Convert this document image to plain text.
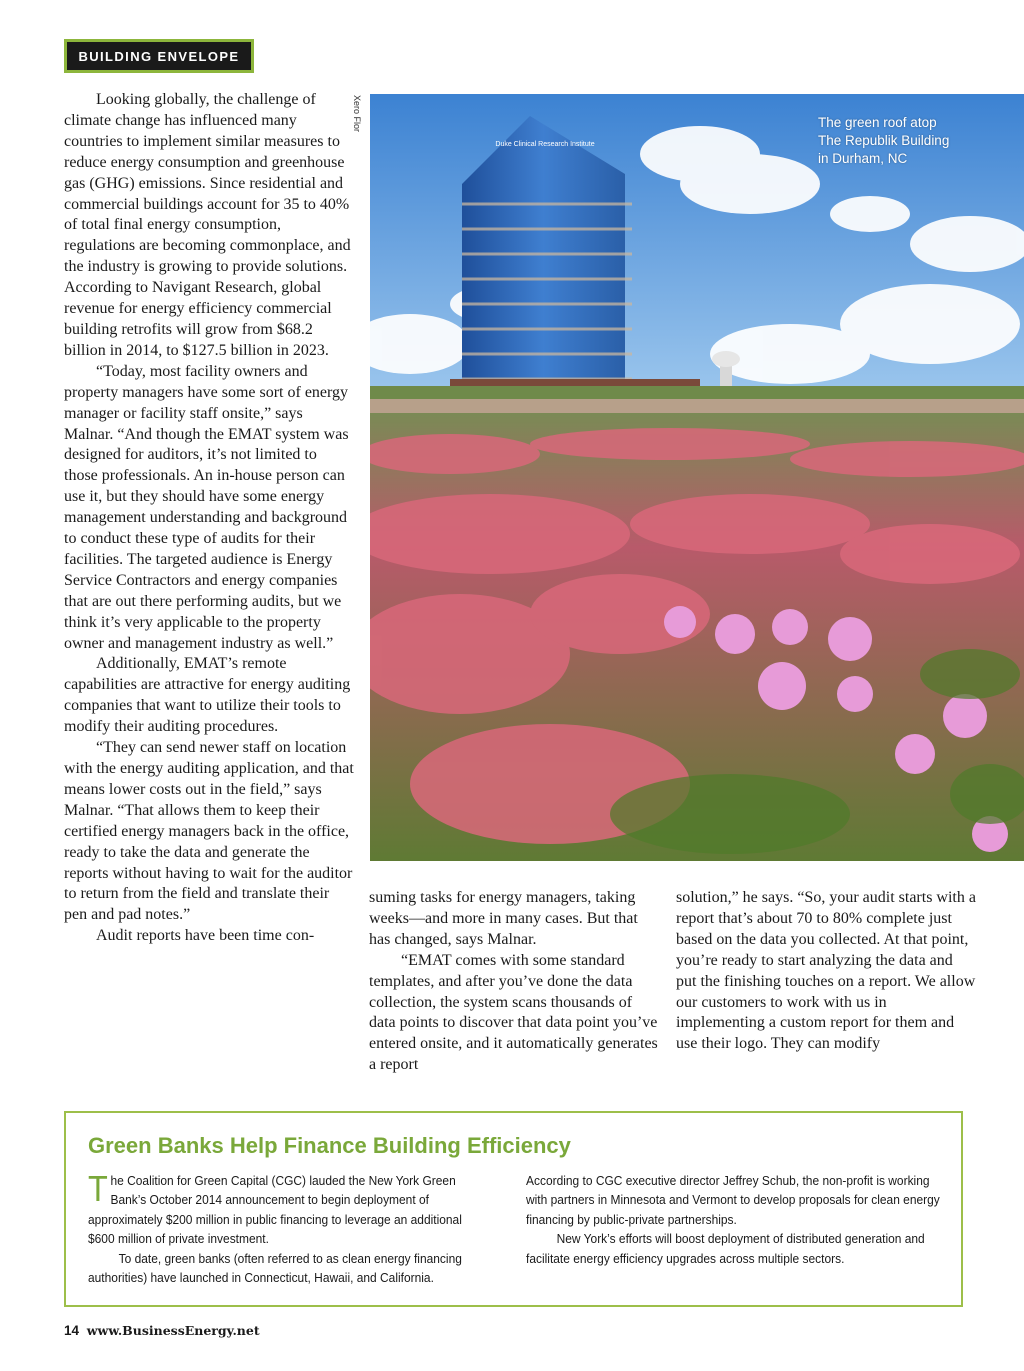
BUILDING ENVELOPE

Looking globally, the challenge of climate change has influenced many countries to implement similar measures to reduce energy consumption and greenhouse gas (GHG) emissions. Since residential and commercial buildings account for 35 to 40% of total final energy consumption, regulations are becoming commonplace, and the industry is growing to provide solutions. According to Navigant Research, global revenue for energy efficiency commercial building retrofits will grow from $68.2 billion in 2014, to $127.5 billion in 2023.

“Today, most facility owners and property managers have some sort of energy manager or facility staff onsite,” says Malnar. “And though the EMAT system was designed for auditors, it’s not limited to those professionals. An in-house person can use it, but they should have some energy management understanding and background to conduct these type of audits for their facilities. The targeted audience is Energy Service Contractors and energy companies that are out there performing audits, but we think it’s very applicable to the property owner and management industry as well.”

Additionally, EMAT’s remote capabilities are attractive for energy auditing companies that want to utilize their tools to modify their auditing procedures.

“They can send newer staff on location with the energy auditing application, and that means lower costs out in the field,” says Malnar. “That allows them to keep their certified energy managers back in the office, ready to take the data and generate the reports without having to wait for the auditor to return from the field and translate their pen and pad notes.”

Audit reports have been time con-

Xero Flor
Duke Clinical Research Institute
The green roof atop
The Republik Building
in Durham, NC

suming tasks for energy managers, taking weeks—and more in many cases. But that has changed, says Malnar.

“EMAT comes with some standard templates, and after you’ve done the data collection, the system scans thousands of data points to discover that data point you’ve entered onsite, and it automatically generates a report

solution,” he says. “So, your audit starts with a report that’s about 70 to 80% complete just based on the data you collected. At that point, you’re ready to start analyzing the data and put the finishing touches on a report. We allow our customers to work with us in implementing a custom report for them and use their logo. They can modify

Green Banks Help Finance Building Efficiency

The Coalition for Green Capital (CGC) lauded the New York Green Bank’s October 2014 announcement to begin deployment of approximately $200 million in public financing to leverage an additional $600 million of private investment.

To date, green banks (often referred to as clean energy financing authorities) have launched in Connecticut, Hawaii, and California.

According to CGC executive director Jeffrey Schub, the non-profit is working with partners in Minnesota and Vermont to develop proposals for clean energy financing by public-private partnerships.

New York’s efforts will boost deployment of distributed generation and facilitate energy efficiency upgrades across multiple sectors.

14 www.BusinessEnergy.net
